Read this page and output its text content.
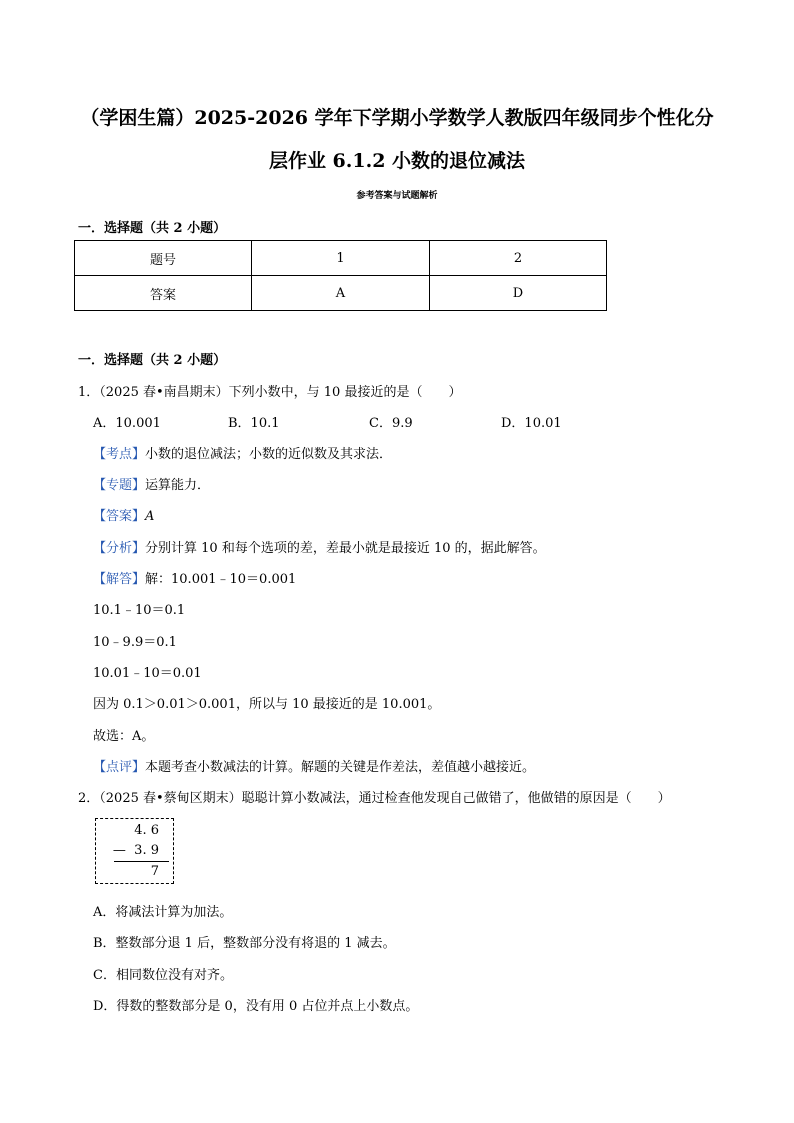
（学困生篇）2025-2026 学年下学期小学数学人教版四年级同步个性化分
层作业 6.1.2 小数的退位减法
参考答案与试题解析
一．选择题（共 2 小题）
题号	1	2
答案	A	D
一．选择题（共 2 小题）
1．（2025 春•南昌期末）下列小数中，与 10 最接近的是（　　）
A．10.001	B．10.1	C．9.9	D．10.01
【考点】小数的退位减法；小数的近似数及其求法．
【专题】运算能力．
【答案】A
【分析】分别计算 10 和每个选项的差，差最小就是最接近 10 的，据此解答。
【解答】解：10.001﹣10＝0.001
10.1﹣10＝0.1
10﹣9.9＝0.1
10.01﹣10＝0.01
因为 0.1＞0.01＞0.001，所以与 10 最接近的是 10.001。
故选：A。
【点评】本题考查小数减法的计算。解题的关键是作差法，差值越小越接近。
2．（2025 春•蔡甸区期末）聪聪计算小数减法，通过检查他发现自己做错了，他做错的原因是（　　）
4. 6
—  3. 9
7
A．将减法计算为加法。
B．整数部分退 1 后，整数部分没有将退的 1 减去。
C．相同数位没有对齐。
D．得数的整数部分是 0，没有用 0 占位并点上小数点。
